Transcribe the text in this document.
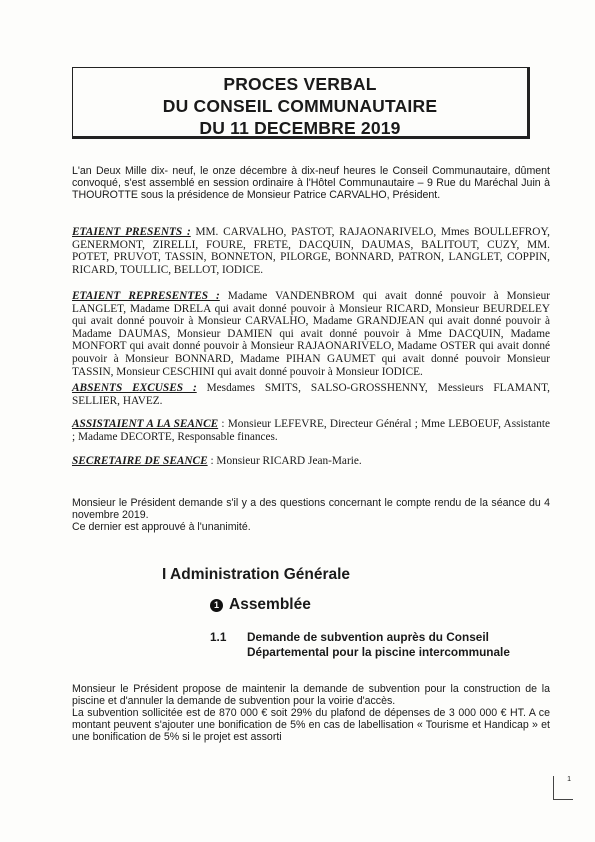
PROCES VERBAL
DU CONSEIL COMMUNAUTAIRE
DU 11 DECEMBRE 2019
L'an Deux Mille dix- neuf, le onze décembre à dix-neuf heures le Conseil Communautaire, dûment convoqué, s'est assemblé en session ordinaire à l'Hôtel Communautaire – 9 Rue du Maréchal Juin à THOUROTTE sous la présidence de Monsieur Patrice CARVALHO, Président.
ETAIENT PRESENTS : MM. CARVALHO, PASTOT, RAJAONARIVELO, Mmes BOULLEFROY, GENERMONT, ZIRELLI, FOURE, FRETE, DACQUIN, DAUMAS, BALITOUT, CUZY, MM. POTET, PRUVOT, TASSIN, BONNETON, PILORGE, BONNARD, PATRON, LANGLET, COPPIN, RICARD, TOULLIC, BELLOT, IODICE.
ETAIENT REPRESENTES : Madame VANDENBROM qui avait donné pouvoir à Monsieur LANGLET, Madame DRELA qui avait donné pouvoir à Monsieur RICARD, Monsieur BEURDELEY qui avait donné pouvoir à Monsieur CARVALHO, Madame GRANDJEAN qui avait donné pouvoir à Madame DAUMAS, Monsieur DAMIEN qui avait donné pouvoir à Mme DACQUIN, Madame MONFORT qui avait donné pouvoir à Monsieur RAJAONARIVELO, Madame OSTER qui avait donné pouvoir à Monsieur BONNARD, Madame PIHAN GAUMET qui avait donné pouvoir Monsieur TASSIN, Monsieur CESCHINI qui avait donné pouvoir à Monsieur IODICE.
ABSENTS EXCUSES : Mesdames SMITS, SALSO-GROSSHENNY, Messieurs FLAMANT, SELLIER, HAVEZ.
ASSISTAIENT A LA SEANCE : Monsieur LEFEVRE, Directeur Général ; Mme LEBOEUF, Assistante ; Madame DECORTE, Responsable finances.
SECRETAIRE DE SEANCE : Monsieur RICARD Jean-Marie.
Monsieur le Président demande s'il y a des questions concernant le compte rendu de la séance du 4 novembre 2019.
Ce dernier est approuvé à l'unanimité.
I Administration Générale
1 Assemblée
1.1 Demande de subvention auprès du Conseil Départemental pour la piscine intercommunale
Monsieur le Président propose de maintenir la demande de subvention pour la construction de la piscine et d'annuler la demande de subvention pour la voirie d'accès.
La subvention sollicitée est de 870 000 € soit 29% du plafond de dépenses de 3 000 000 € HT. A ce montant peuvent s'ajouter une bonification de 5% en cas de labellisation « Tourisme et Handicap » et une bonification de 5% si le projet est assorti
1
